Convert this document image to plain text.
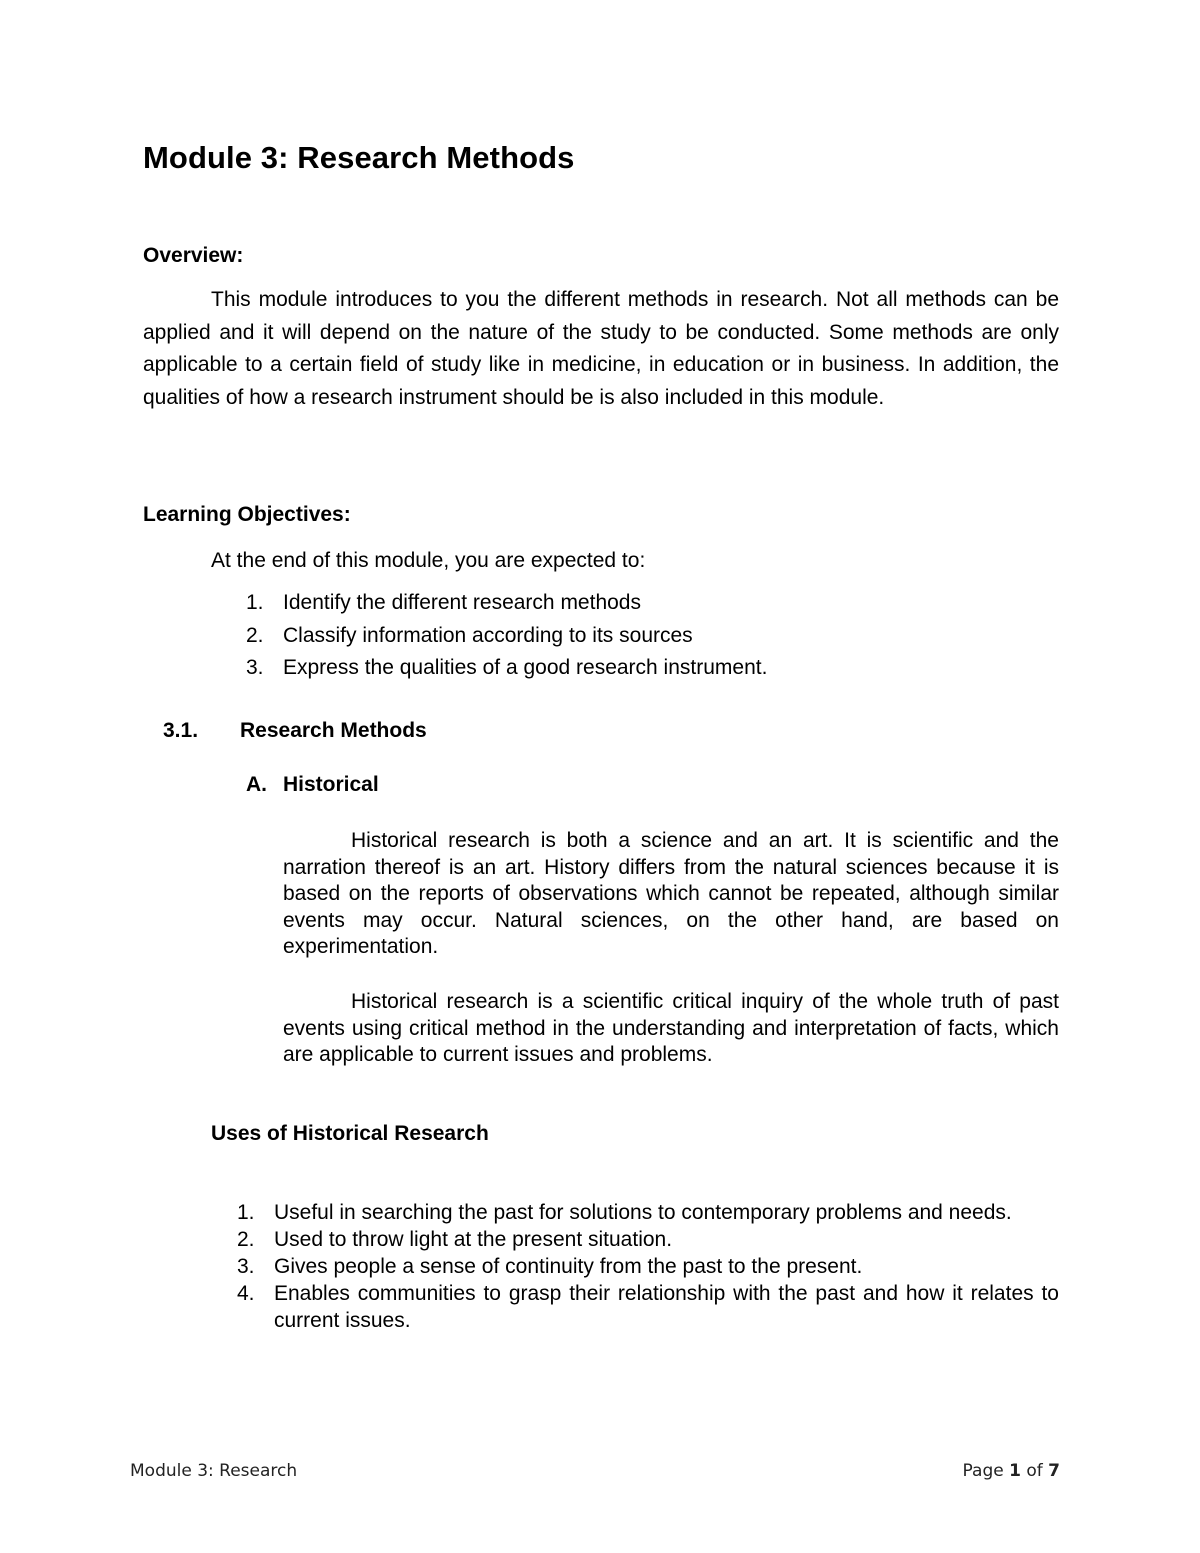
Module 3: Research Methods
Overview:

This module introduces to you the different methods in research. Not all methods can be applied and it will depend on the nature of the study to be conducted. Some methods are only applicable to a certain field of study like in medicine, in education or in business. In addition, the qualities of how a research instrument should be is also included in this module.

Learning Objectives:

At the end of this module, you are expected to:

1. Identify the different research methods
2. Classify information according to its sources
3. Express the qualities of a good research instrument.
3.1. Research Methods
A. Historical

Historical research is both a science and an art. It is scientific and the narration thereof is an art. History differs from the natural sciences because it is based on the reports of observations which cannot be repeated, although similar events may occur. Natural sciences, on the other hand, are based on experimentation.

Historical research is a scientific critical inquiry of the whole truth of past events using critical method in the understanding and interpretation of facts, which are applicable to current issues and problems.

Uses of Historical Research
1. Useful in searching the past for solutions to contemporary problems and needs.
2. Used to throw light at the present situation.
3. Gives people a sense of continuity from the past to the present.
4. Enables communities to grasp their relationship with the past and how it relates to current issues.
Module 3: Research	Page 1 of 7
